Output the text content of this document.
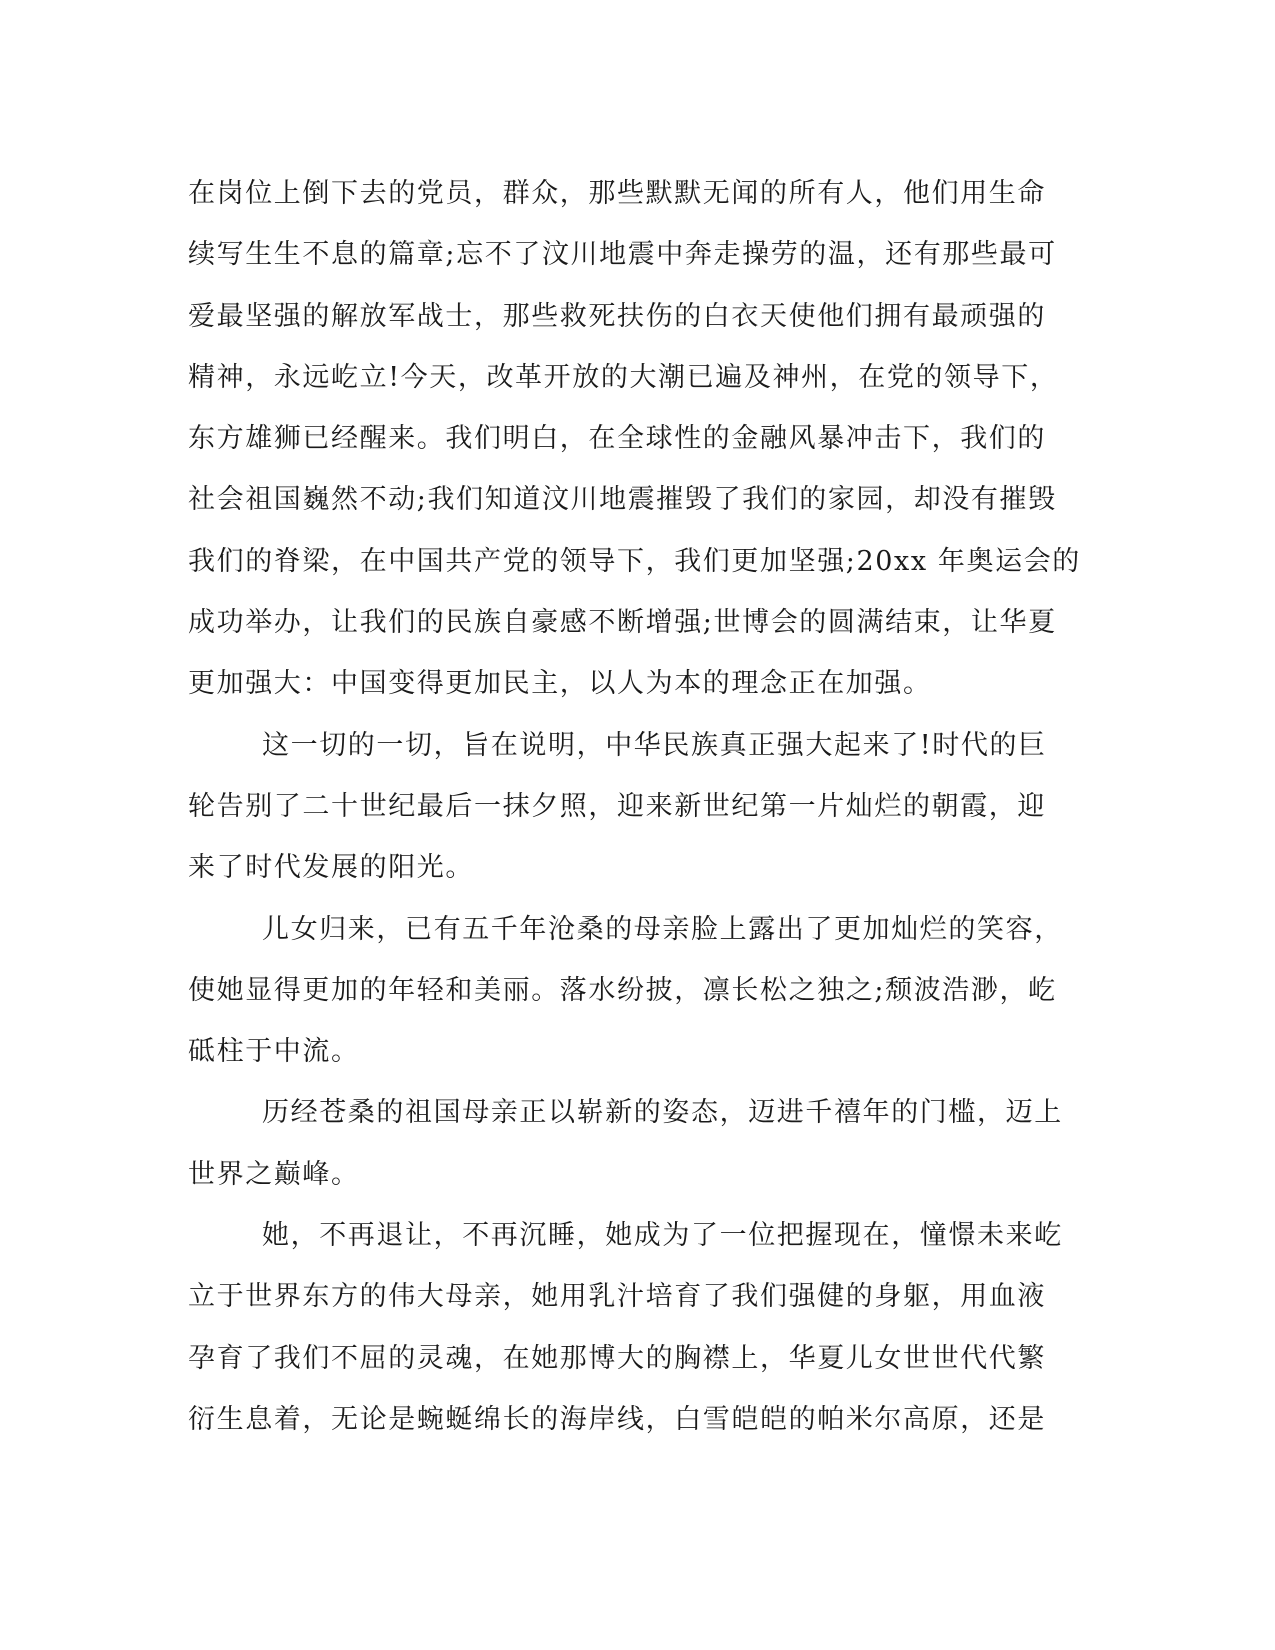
在岗位上倒下去的党员，群众，那些默默无闻的所有人，他们用生命
续写生生不息的篇章;忘不了汶川地震中奔走操劳的温，还有那些最可
爱最坚强的解放军战士，那些救死扶伤的白衣天使他们拥有最顽强的
精神，永远屹立!今天，改革开放的大潮已遍及神州，在党的领导下，
东方雄狮已经醒来。我们明白，在全球性的金融风暴冲击下，我们的
社会祖国巍然不动;我们知道汶川地震摧毁了我们的家园，却没有摧毁
我们的脊梁，在中国共产党的领导下，我们更加坚强;20xx 年奥运会的
成功举办，让我们的民族自豪感不断增强;世博会的圆满结束，让华夏
更加强大：中国变得更加民主，以人为本的理念正在加强。
这一切的一切，旨在说明，中华民族真正强大起来了!时代的巨
轮告别了二十世纪最后一抹夕照，迎来新世纪第一片灿烂的朝霞，迎
来了时代发展的阳光。
儿女归来，已有五千年沧桑的母亲脸上露出了更加灿烂的笑容，
使她显得更加的年轻和美丽。落水纷披，凛长松之独之;颓波浩渺，屹
砥柱于中流。
历经苍桑的祖国母亲正以崭新的姿态，迈进千禧年的门槛，迈上
世界之巅峰。
她，不再退让，不再沉睡，她成为了一位把握现在，憧憬未来屹
立于世界东方的伟大母亲，她用乳汁培育了我们强健的身躯，用血液
孕育了我们不屈的灵魂，在她那博大的胸襟上，华夏儿女世世代代繁
衍生息着，无论是蜿蜒绵长的海岸线，白雪皑皑的帕米尔高原，还是
